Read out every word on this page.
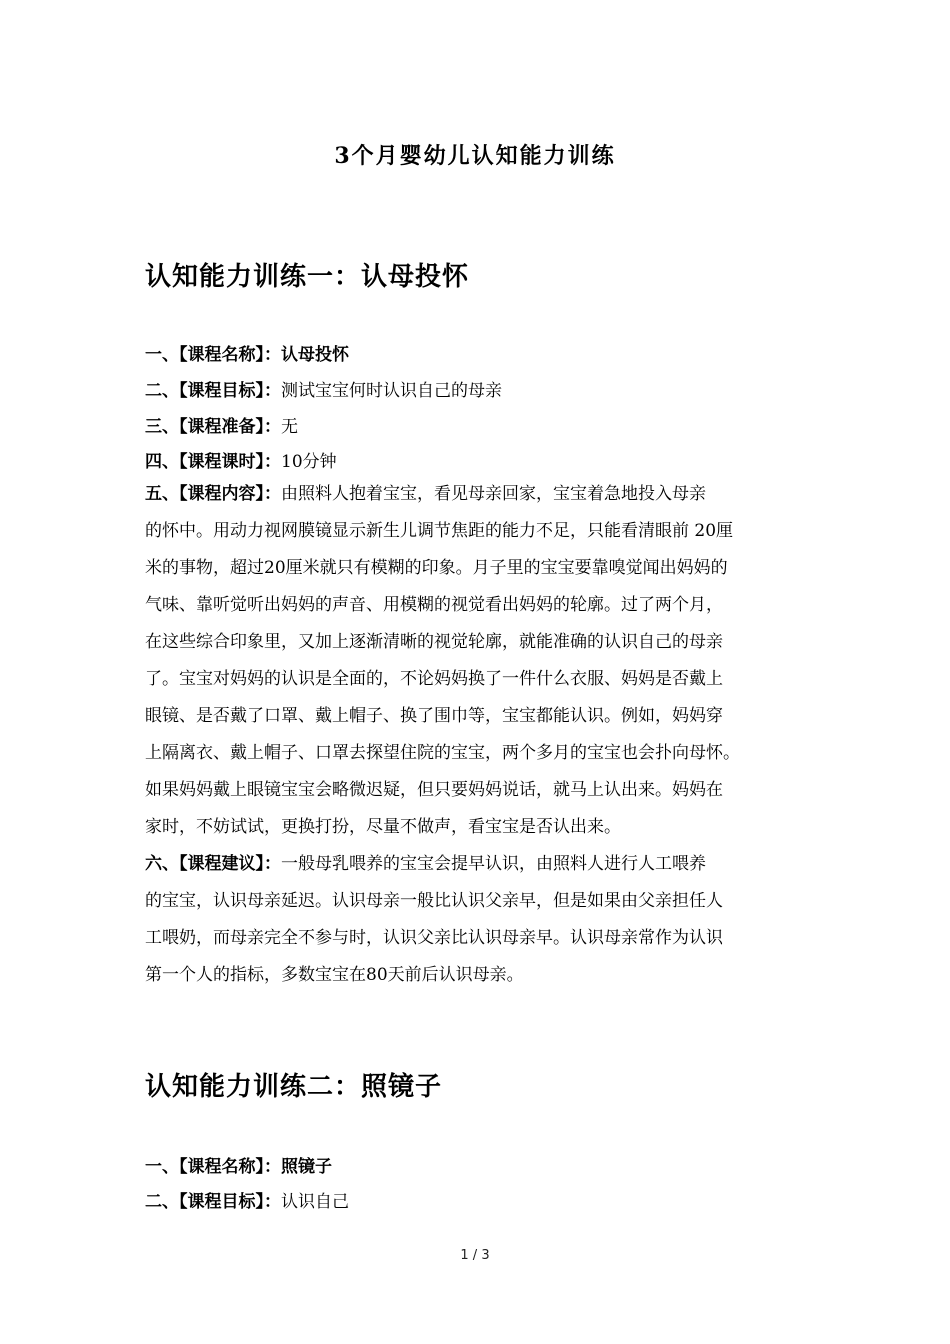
3个月婴幼儿认知能力训练
认知能力训练一：认母投怀
一、【课程名称】：认母投怀
二、【课程目标】：测试宝宝何时认识自己的母亲
三、【课程准备】：无
四、【课程课时】：10分钟
五、【课程内容】：由照料人抱着宝宝，看见母亲回家，宝宝着急地投入母亲
的怀中。用动力视网膜镜显示新生儿调节焦距的能力不足，只能看清眼前 20厘
米的事物，超过20厘米就只有模糊的印象。月子里的宝宝要靠嗅觉闻出妈妈的
气味、靠听觉听出妈妈的声音、用模糊的视觉看出妈妈的轮廓。过了两个月，
在这些综合印象里，又加上逐渐清晰的视觉轮廓，就能准确的认识自己的母亲
了。宝宝对妈妈的认识是全面的，不论妈妈换了一件什么衣服、妈妈是否戴上
眼镜、是否戴了口罩、戴上帽子、换了围巾等，宝宝都能认识。例如，妈妈穿
上隔离衣、戴上帽子、口罩去探望住院的宝宝，两个多月的宝宝也会扑向母怀。
如果妈妈戴上眼镜宝宝会略微迟疑，但只要妈妈说话，就马上认出来。妈妈在
家时，不妨试试，更换打扮，尽量不做声，看宝宝是否认出来。
六、【课程建议】：一般母乳喂养的宝宝会提早认识，由照料人进行人工喂养
的宝宝，认识母亲延迟。认识母亲一般比认识父亲早，但是如果由父亲担任人
工喂奶，而母亲完全不参与时，认识父亲比认识母亲早。认识母亲常作为认识
第一个人的指标，多数宝宝在80天前后认识母亲。
认知能力训练二：照镜子
一、【课程名称】：照镜子
二、【课程目标】：认识自己
1 / 3
